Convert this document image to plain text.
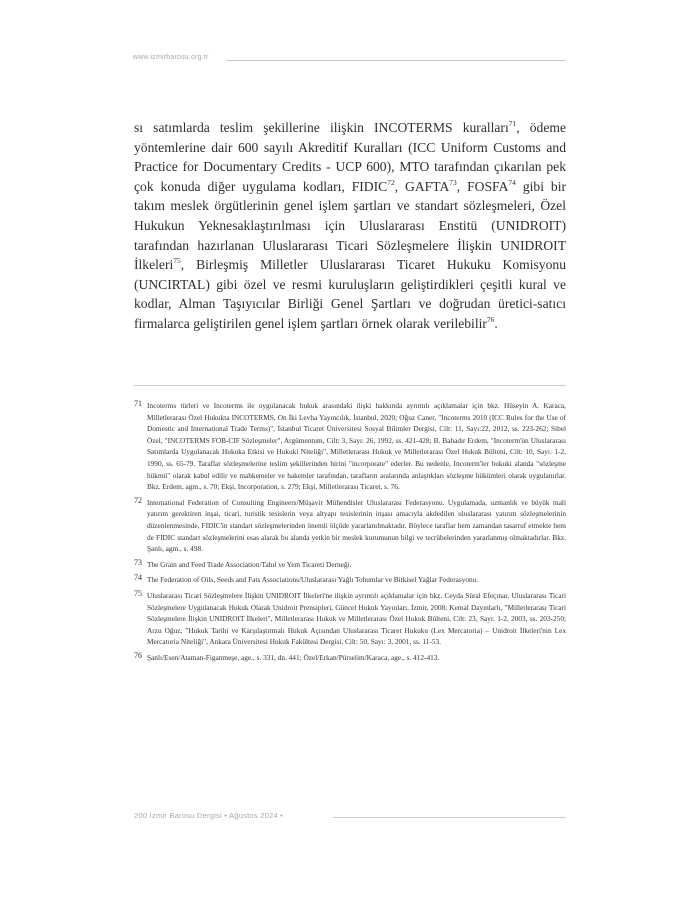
www.izmirbarosu.org.tr

sı satımlarda teslim şekillerine ilişkin INCOTERMS kuralları$^{71}$, ödeme yöntemlerine dair 600 sayılı Akreditif Kuralları (ICC Uniform Customs and Practice for Documentary Credits - UCP 600), MTO tarafından çıkarılan pek çok konuda diğer uygulama kodları, FIDIC$^{72}$, GAFTA$^{73}$, FOSFA$^{74}$ gibi bir takım meslek örgütlerinin genel işlem şartları ve standart sözleşmeleri, Özel Hukukun Yeknesaklaştırılması için Uluslararası Enstitü (UNIDROIT) tarafından hazırlanan Uluslararası Ticari Sözleşmelere İlişkin UNIDROIT İlkeleri$^{75}$, Birleşmiş Milletler Uluslararası Ticaret Hukuku Komisyonu (UNCIRTAL) gibi özel ve resmi kuruluşların geliştirdikleri çeşitli kural ve kodlar, Alman Taşıyıcılar Birliği Genel Şartları ve doğrudan üretici-satıcı firmalarca geliştirilen genel işlem şartları örnek olarak verilebilir$^{76}$.

71 Incoterms türleri ve Incoterms ile uygulanacak hukuk arasındaki ilişki hakkında ayrıntılı açıklamalar için bkz. Hüseyin A. Karaca, Milletlerarası Özel Hukukta INCOTERMS, On İki Levha Yayıncılık, İstanbul, 2020; Oğuz Caner, "Incoterms 2010 (ICC Rules for the Use of Domestic and International Trade Terms)", İstanbul Ticaret Üniversitesi Sosyal Bilimler Dergisi, Cilt: 11, Sayı:22, 2012, ss. 223-262; Sibel Özel, "INCOTERMS FOB-CIF Sözleşmeler", Argümentum, Cilt: 3, Sayı: 26, 1992, ss. 421-428; B. Bahadır Erdem, "Incoterm'ün Uluslararası Satımlarda Uygulanacak Hukuka Etkisi ve Hukuki Niteliği", Milletlerarası Hukuk ve Milletlerarası Özel Hukuk Bülteni, Cilt: 10, Sayı: 1-2, 1990, ss. 65-79. Taraflar sözleşmelerine teslim şekillerinden birini "incorporate" ederler. Bu nedenle, Incoterm'ler hukuki alanda "sözleşme hükmü" olarak kabul edilir ve mahkemeler ve hakemler tarafından, tarafların aralarında anlaştıkları sözleşme hükümleri olarak uygulanırlar. Bkz. Erdem, agm., s. 70; Ekşi, Incorporation, s. 279; Ekşi, Milletlerarası Ticaret, s. 76.
72 International Federation of Consulting Engineers/Müşavir Mühendisler Uluslararası Federasyonu. Uygulamada, uzmanlık ve büyük mali yatırım gerektiren inşai, ticari, turistik tesislerin veya altyapı tesislerinin inşası amacıyla akdedilen uluslararası yatırım sözleşmelerinin düzenlenmesinde, FIDIC'in standart sözleşmelerinden önemli ölçüde yararlanılmaktadır. Böylece taraflar hem zamandan tasarruf etmekte hem de FIDIC standart sözleşmelerini esas alarak bu alanda yetkin bir meslek kurumunun bilgi ve tecrübelerinden yararlanmış olmaktadırlar. Bkz. Şanlı, agm., s. 498.
73 The Grain and Feed Trade Association/Tahıl ve Yem Ticareti Derneği.
74 The Federation of Oils, Seeds and Fats Associations/Uluslararası Yağlı Tohumlar ve Bitkisel Yağlar Federasyonu.
75 Uluslararası Ticari Sözleşmelere İlişkin UNIDROIT İlkeleri'ne ilişkin ayrıntılı açıklamalar için bkz. Ceyda Süral Efeçınar, Uluslararası Ticari Sözleşmelere Uygulanacak Hukuk Olarak Unidroit Prensipleri, Güncel Hukuk Yayınları, İzmir, 2008; Kemal Dayınlarlı, "Milletlerarası Ticari Sözleşmelere İlişkin UNIDROIT İlkeleri", Milletlerarası Hukuk ve Milletlerarası Özel Hukuk Bülteni, Cilt: 23, Sayı: 1-2, 2003, ss. 203-250; Arzu Oğuz, "Hukuk Tarihi ve Karşılaştırmalı Hukuk Açısından Uluslararası Ticaret Hukuku (Lex Mercatoria) – Unidroit İlkeleri'nin Lex Mercatoria Niteliği", Ankara Üniversitesi Hukuk Fakültesi Dergisi, Cilt: 50, Sayı: 3, 2001, ss. 11-53.
76 Şanlı/Esen/Ataman-Figanmeşe, age., s. 331, dn. 441; Özel/Erkan/Pürselim/Karaca, age., s. 412-413.
200 İzmir Barosu Dergisi • Ağustos 2024 •
